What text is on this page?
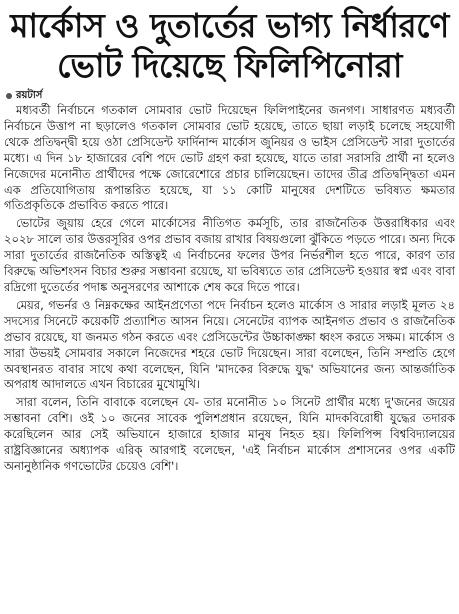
মার্কোস ও দুতার্তের ভাগ্য নির্ধারণে
ভোট দিয়েছে ফিলিপিনোরা
রয়টার্স

মধ্যবর্তী নির্বাচনে গতকাল সোমবার ভোট দিয়েছেন ফিলিপাইনের জনগণ। সাধারণত মধ্যবর্তী নির্বাচনে উত্তাপ না ছড়ালেও গতকাল সোমবার ভোট হয়েছে, তাতে ছায়া লড়াই চলেছে সহযোগী থেকে প্রতিদ্বন্দ্বী হয়ে ওঠা প্রেসিডেন্ট ফার্দিনান্দ মার্কোস জুনিয়র ও ভাইস প্রেসিডেন্ট সারা দুতার্তের মধ্যে। এ দিন ১৮ হাজারের বেশি পদে ভোট গ্রহণ করা হয়েছে, যাতে তারা সরাসরি প্রার্থী না হলেও নিজেদের মনোনীত প্রার্থীদের পক্ষে জোরেশোরে প্রচার চালিয়েছেন। তাদের তীব্র প্রতিদ্বন্দ্বিতা এমন এক প্রতিযোগিতায় রূপান্তরিত হয়েছে, যা ১১ কোটি মানুষের দেশটিতে ভবিষ্যত ক্ষমতার গতিপ্রকৃতিকে প্রভাবিত করতে পারে।

ভোটের জুয়ায় হেরে গেলে মার্কোসের নীতিগত কর্মসূচি, তার রাজনৈতিক উত্তরাধিকার এবং ২০২৮ সালে তার উত্তরসূরির ওপর প্রভাব বজায় রাখার বিষয়গুলো ঝুঁকিতে পড়তে পারে। অন্য দিকে সারা দুতার্তের রাজনৈতিক অস্তিত্বই এ নির্বাচনের ফলের উপর নির্ভরশীল হতে পারে, কারণ তার বিরুদ্ধে অভিশংসন বিচার শুরুর সম্ভাবনা রয়েছে, যা ভবিষ্যতে তার প্রেসিডেন্ট হওয়ার স্বপ্ন এবং বাবা রদ্রিগো দুতের্তের পদাঙ্ক অনুসরণের আশাকে শেষ করে দিতে পারে।

মেয়র, গভর্নর ও নিম্নকক্ষের আইনপ্রণেতা পদে নির্বাচন হলেও মার্কোস ও সারার লড়াই মূলত ২৪ সদস্যের সিনেটে কয়েকটি প্রত্যাশিত আসন নিয়ে। সেনেটের ব্যাপক আইনগত প্রভাব ও রাজনৈতিক প্রভাব রয়েছে, যা জনমত গঠন করতে এবং প্রেসিডেন্টের উচ্চাকাঙ্ক্ষা ধ্বংস করতে সক্ষম। মার্কোস ও সারা উভয়ই সোমবার সকালে নিজেদের শহরে ভোট দিয়েছেন। সারা বলেছেন, তিনি সম্প্রতি হেগে অবস্থানরত বাবার সাথে কথা বলেছেন, যিনি 'মাদকের বিরুদ্ধে যুদ্ধ' অভিযানের জন্য আন্তর্জাতিক অপরাধ আদালতে এখন বিচারের মুখোমুখি।

সারা বলেন, তিনি বাবাকে বলেছেন যে- তার মনোনীত ১০ সিনেট প্রার্থীর মধ্যে দু'জনের জয়ের সম্ভাবনা বেশি। ওই ১০ জনের সাবেক পুলিশপ্রধান রয়েছেন, যিনি মাদকবিরোধী যুদ্ধের তদারক করেছিলেন আর সেই অভিযানে হাজারে হাজার মানুষ নিহত হয়। ফিলিপিন্স বিশ্ববিদ্যালয়ের রাষ্ট্রবিজ্ঞানের অধ্যাপক এরিক্ আরগাই বলেছেন, 'এই নির্বাচন মার্কোস প্রশাসনের ওপর একটি অনানুষ্ঠানিক গণভোটের চেয়েও বেশি'।
